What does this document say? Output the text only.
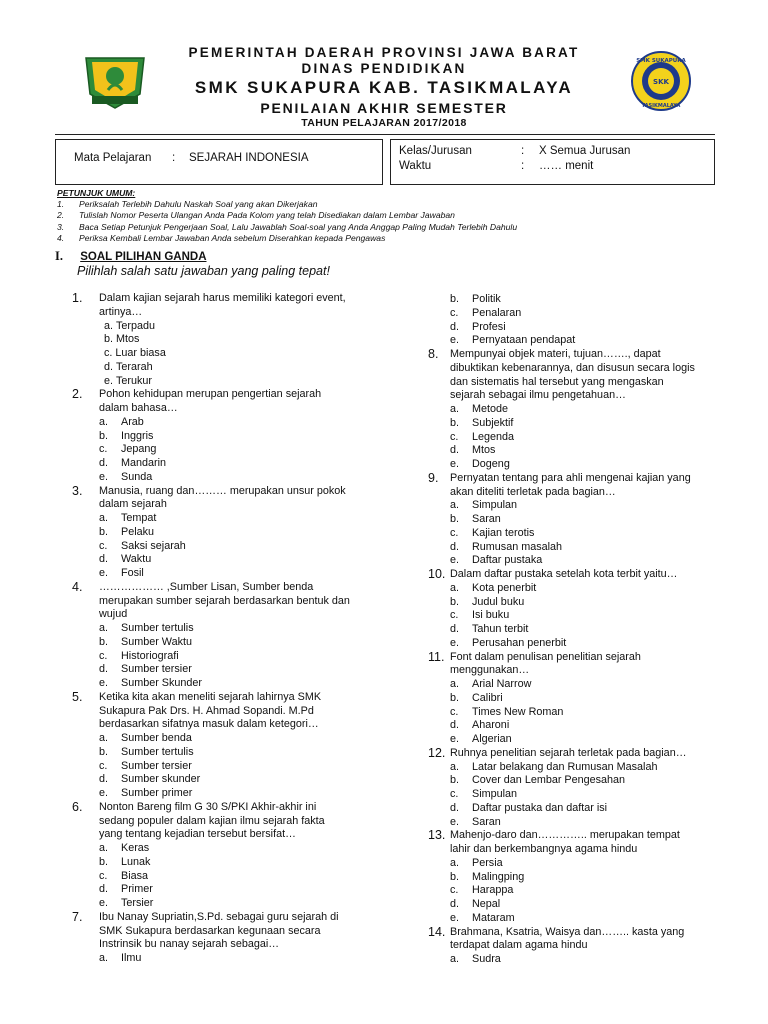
PEMERINTAH DAERAH PROVINSI JAWA BARAT
DINAS PENDIDIKAN
SMK SUKAPURA KAB. TASIKMALAYA
PENILAIAN AKHIR SEMESTER
TAHUN PELAJARAN 2017/2018
SMK SUKAPURA
SKK
TASIKMALAYA
Mata Pelajaran : SEJARAH INDONESIA
Kelas/Jurusan	: X Semua Jurusan
Waktu	: …… menit
PETUNJUK UMUM:
1.	Periksalah Terlebih Dahulu Naskah Soal yang akan Dikerjakan
2.	Tulislah Nomor Peserta Ulangan Anda Pada Kolom yang telah Disediakan dalam Lembar Jawaban
3.	Baca Setiap Petunjuk Pengerjaan Soal, Lalu Jawablah Soal-soal yang Anda Anggap Paling Mudah Terlebih Dahulu
4.	Periksa Kembali Lembar Jawaban Anda sebelum Diserahkan kepada Pengawas
I. SOAL PILIHAN GANDA
Pilihlah salah satu jawaban yang paling tepat!
1.	Dalam kajian sejarah harus memiliki kategori event,
artinya…
a. Terpadu
b. Mtos
c. Luar biasa
d. Terarah
e. Terukur
2.	Pohon kehidupan merupan pengertian sejarah
dalam bahasa…
a.	Arab
b.	Inggris
c.	Jepang
d.	Mandarin
e.	Sunda
3.	Manusia, ruang dan……… merupakan unsur pokok
dalam sejarah
a.	Tempat
b.	Pelaku
c.	Saksi sejarah
d.	Waktu
e.	Fosil
4.	……………… ,Sumber Lisan, Sumber benda
merupakan sumber sejarah berdasarkan bentuk dan
wujud
a.	Sumber tertulis
b.	Sumber Waktu
c.	Historiografi
d.	Sumber tersier
e.	Sumber Skunder
5.	Ketika kita akan meneliti sejarah lahirnya SMK
Sukapura Pak Drs. H. Ahmad Sopandi. M.Pd
berdasarkan sifatnya masuk dalam ketegori…
a.	Sumber benda
b.	Sumber tertulis
c.	Sumber tersier
d.	Sumber skunder
e.	Sumber primer
6.	Nonton Bareng film G 30 S/PKI Akhir-akhir ini
sedang populer dalam kajian ilmu sejarah fakta
yang tentang kejadian tersebut bersifat…
a.	Keras
b.	Lunak
c.	Biasa
d.	Primer
e.	Tersier
7.	Ibu Nanay Supriatin,S.Pd. sebagai guru sejarah di
SMK Sukapura berdasarkan kegunaan secara
Instrinsik bu nanay sejarah sebagai…
a.	Ilmu
b.	Politik
c.	Penalaran
d.	Profesi
e.	Pernyataan pendapat
8.	Mempunyai objek materi, tujuan……., dapat
dibuktikan kebenarannya, dan disusun secara logis
dan sistematis hal tersebut yang mengaskan
sejarah sebagai ilmu pengetahuan…
a.	Metode
b.	Subjektif
c.	Legenda
d.	Mtos
e.	Dogeng
9.	Pernyatan tentang para ahli mengenai kajian yang
akan diteliti terletak pada bagian…
a.	Simpulan
b.	Saran
c.	Kajian terotis
d.	Rumusan masalah
e.	Daftar pustaka
10. Dalam daftar pustaka setelah kota terbit yaitu…
a.	Kota penerbit
b.	Judul buku
c.	Isi buku
d.	Tahun terbit
e.	Perusahan penerbit
11. Font dalam penulisan penelitian sejarah
menggunakan…
a.	Arial Narrow
b.	Calibri
c.	Times New Roman
d.	Aharoni
e.	Algerian
12. Ruhnya penelitian sejarah terletak pada bagian…
a.	Latar belakang dan Rumusan Masalah
b.	Cover dan Lembar Pengesahan
c.	Simpulan
d.	Daftar pustaka dan daftar isi
e.	Saran
13. Mahenjo-daro dan………….. merupakan tempat
lahir dan berkembangnya agama hindu
a.	Persia
b.	Malingping
c.	Harappa
d.	Nepal
e.	Mataram
14. Brahmana, Ksatria, Waisya dan…….. kasta yang
terdapat dalam agama hindu
a.	Sudra
